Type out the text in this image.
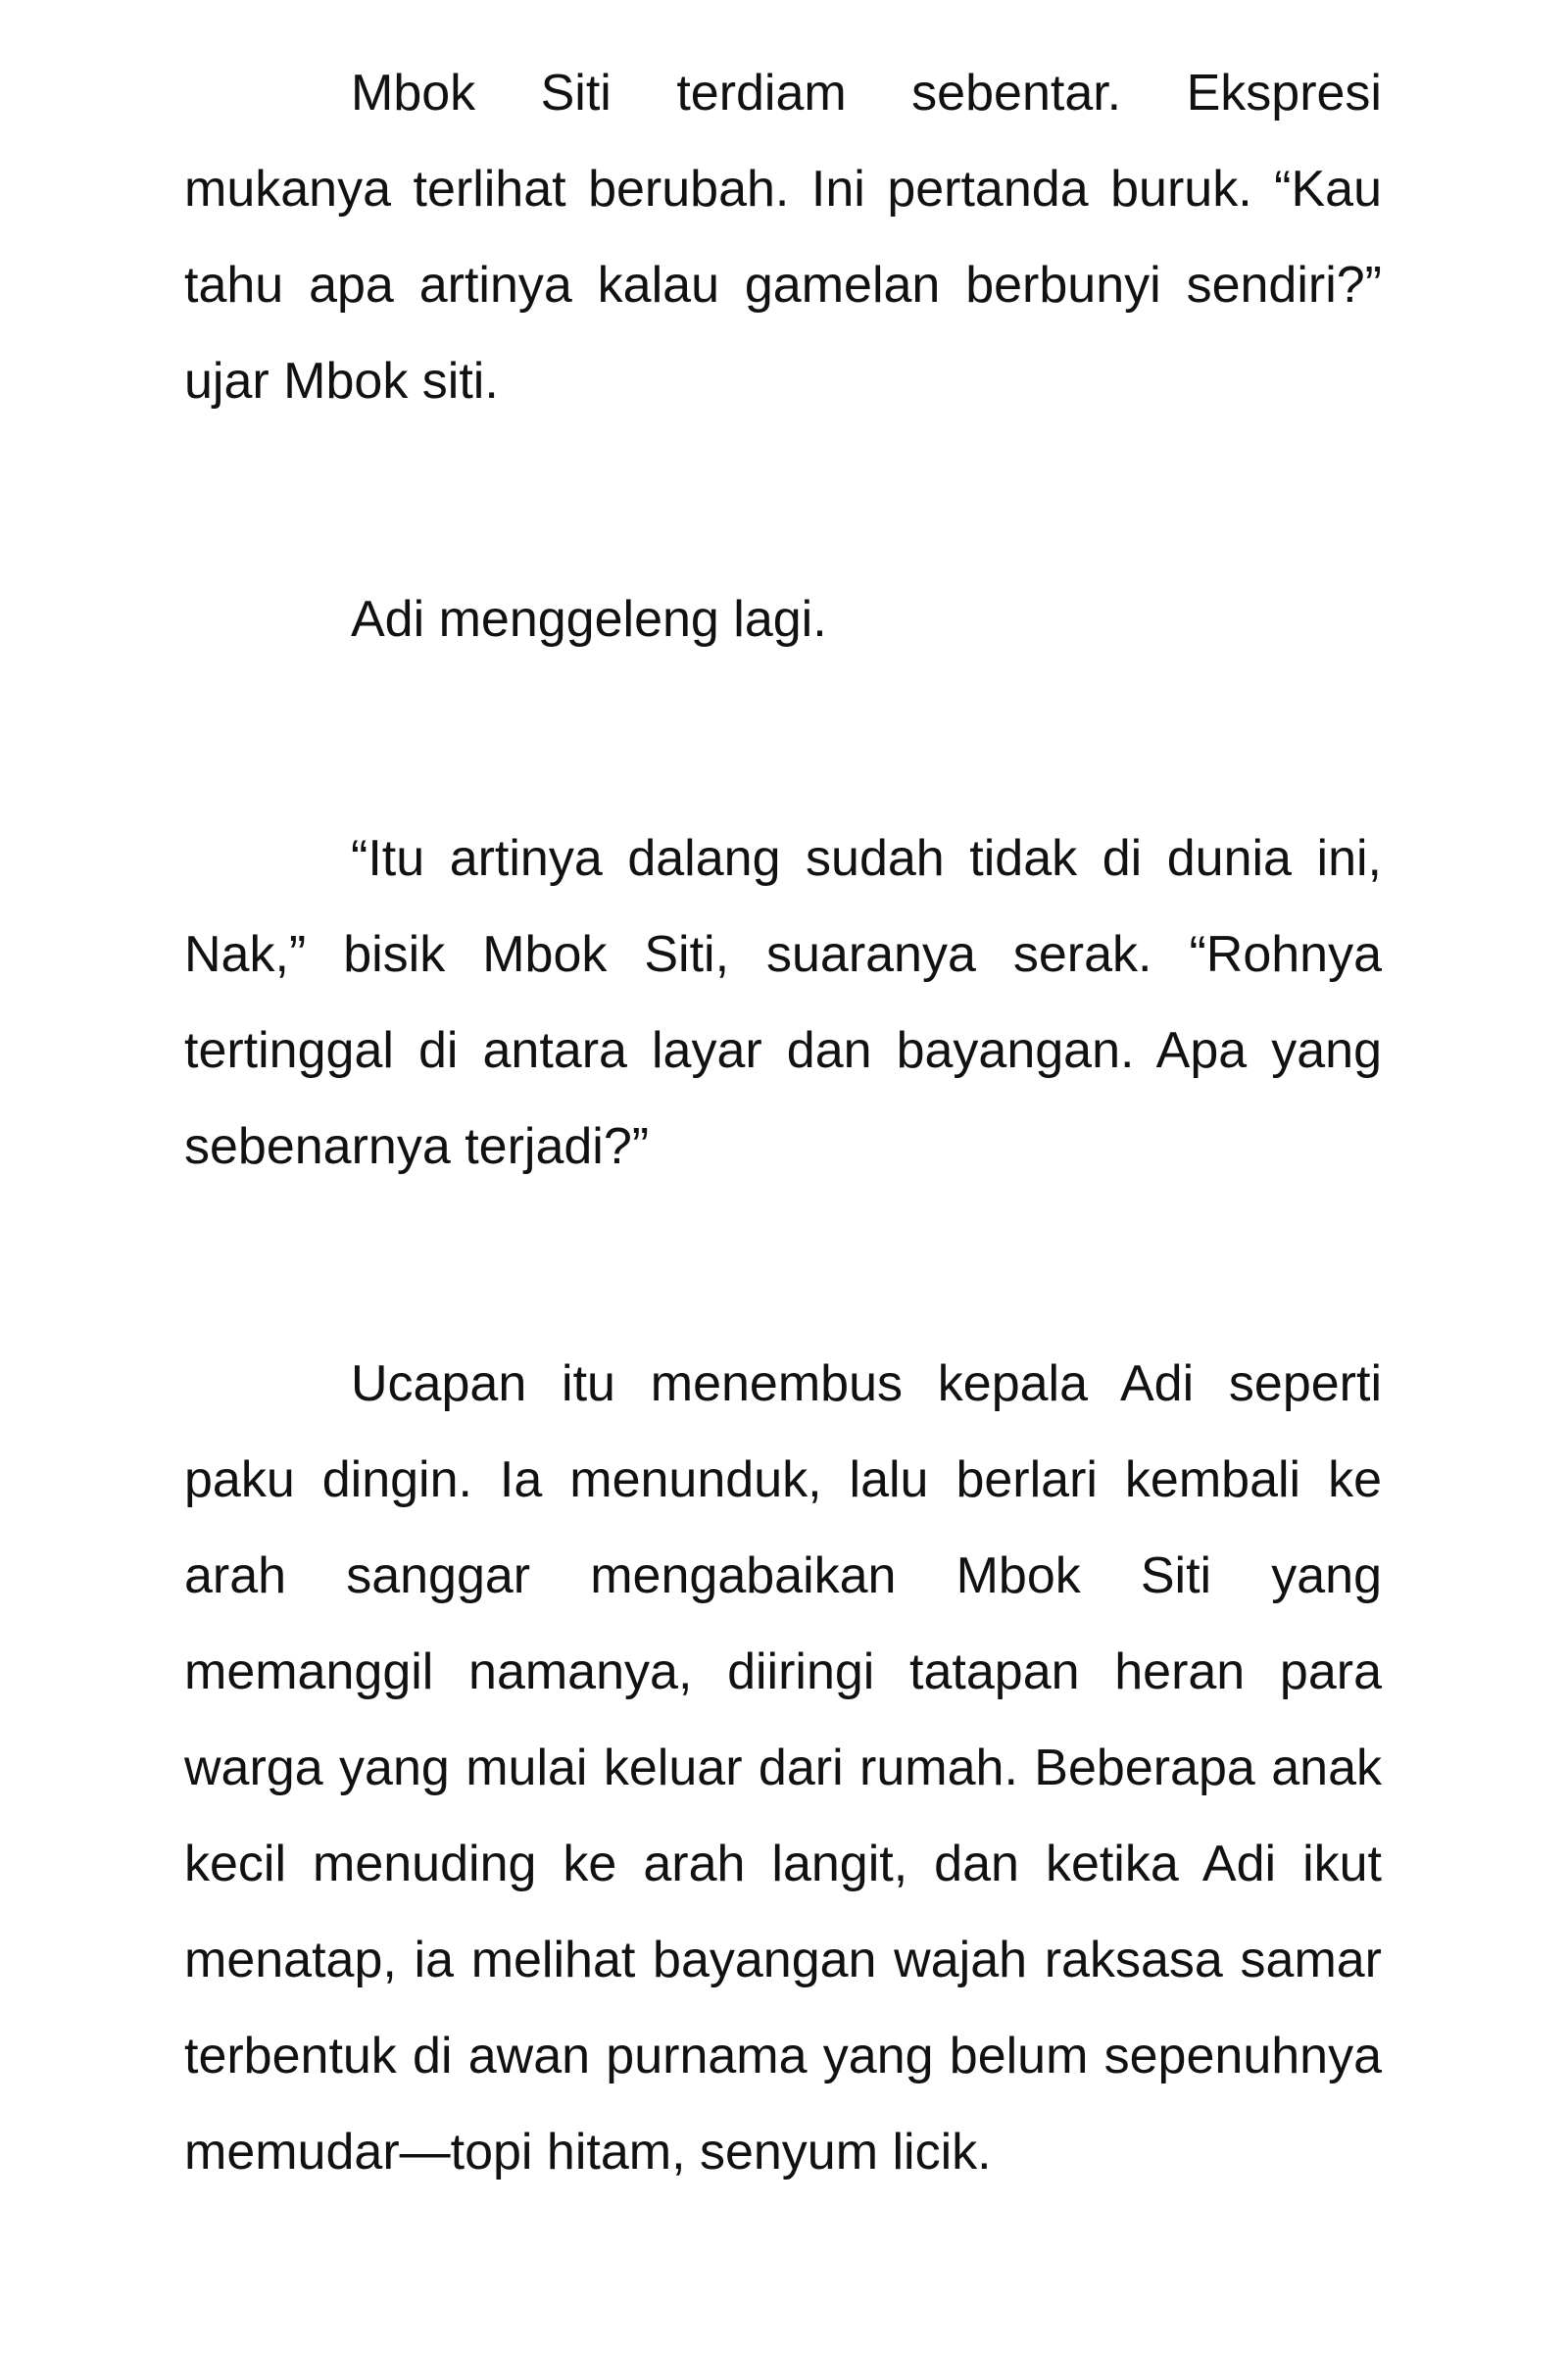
Mbok Siti terdiam sebentar. Ekspresi mukanya terlihat berubah. Ini pertanda buruk. “Kau tahu apa artinya kalau gamelan berbunyi sendiri?” ujar Mbok siti.

Adi menggeleng lagi.

“Itu artinya dalang sudah tidak di dunia ini, Nak,” bisik Mbok Siti, suaranya serak. “Rohnya tertinggal di antara layar dan bayangan. Apa yang sebenarnya terjadi?”

Ucapan itu menembus kepala Adi seperti paku dingin. Ia menunduk, lalu berlari kembali ke arah sanggar mengabaikan Mbok Siti yang memanggil namanya, diiringi tatapan heran para warga yang mulai keluar dari rumah. Beberapa anak kecil menuding ke arah langit, dan ketika Adi ikut menatap, ia melihat bayangan wajah raksasa samar terbentuk di awan purnama yang belum sepenuhnya memudar—topi hitam, senyum licik.
